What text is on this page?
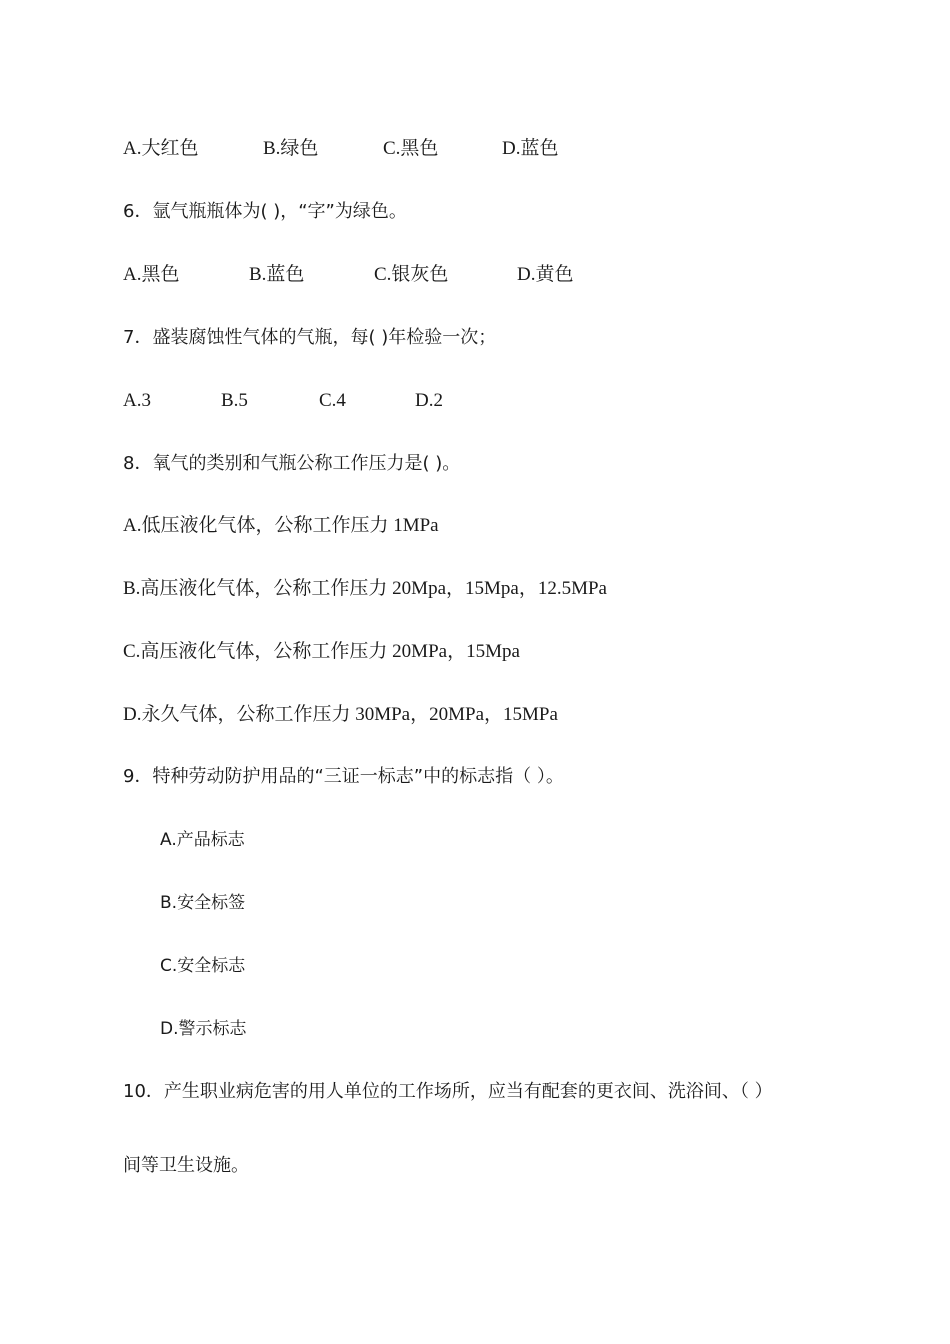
A.大红色	B.绿色	C.黑色	D.蓝色
6．氩气瓶瓶体为( )，“字”为绿色。
A.黑色	B.蓝色	C.银灰色	D.黄色
7．盛装腐蚀性气体的气瓶，每( )年检验一次；
A.3	B.5	C.4	D.2
8．氧气的类别和气瓶公称工作压力是( )。
A.低压液化气体，公称工作压力 1MPa
B.高压液化气体，公称工作压力 20Mpa，15Mpa，12.5MPa
C.高压液化气体，公称工作压力 20MPa，15Mpa
D.永久气体，公称工作压力 30MPa，20MPa，15MPa
9．特种劳动防护用品的“三证一标志”中的标志指（ ）。
A.产品标志
B.安全标签
C.安全标志
D.警示标志
10．产生职业病危害的用人单位的工作场所，应当有配套的更衣间、洗浴间、（ ）
间等卫生设施。
